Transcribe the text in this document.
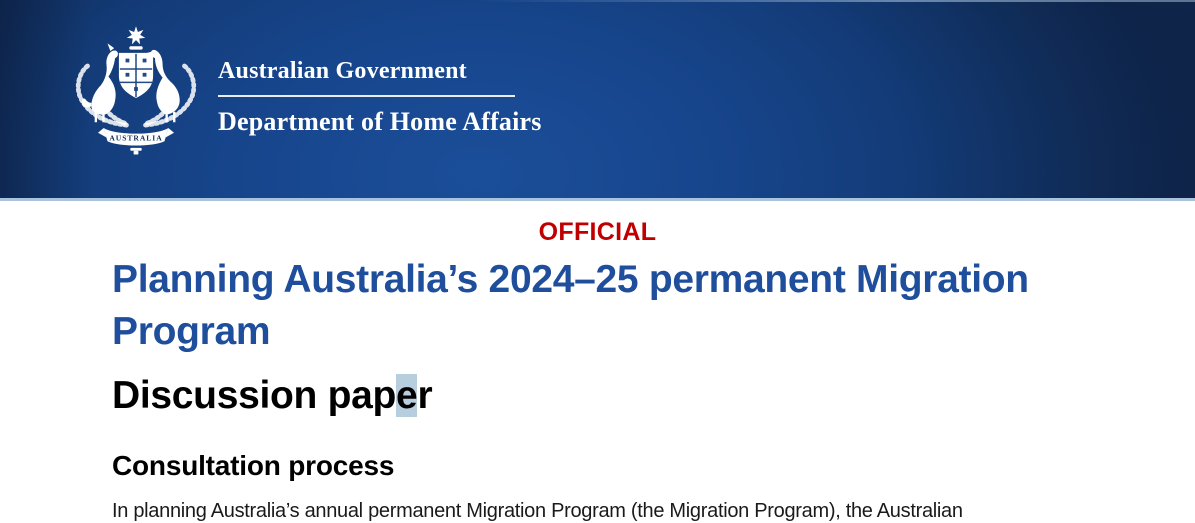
AUSTRALIA
Australian Government
Department of Home Affairs
OFFICIAL
Planning Australia’s 2024–25 permanent Migration
Program
Discussion paper
Consultation process
In planning Australia’s annual permanent Migration Program (the Migration Program), the Australian
